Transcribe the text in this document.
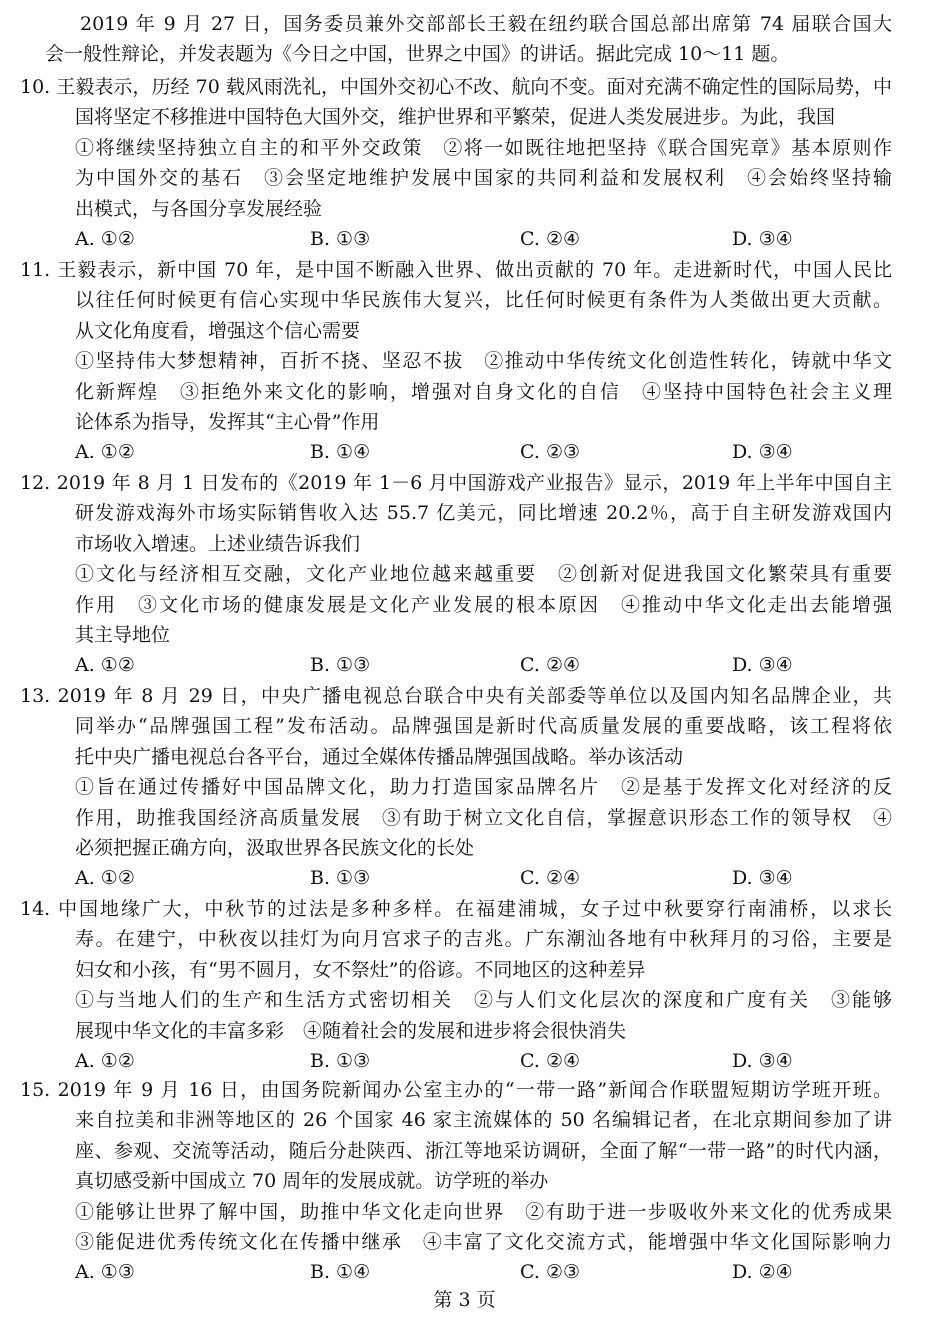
2019 年 9 月 27 日，国务委员兼外交部部长王毅在纽约联合国总部出席第 74 届联合国大
会一般性辩论，并发表题为《今日之中国，世界之中国》的讲话。据此完成 10～11 题。
10. 王毅表示，历经 70 载风雨洗礼，中国外交初心不改、航向不变。面对充满不确定性的国际局势，中
国将坚定不移推进中国特色大国外交，维护世界和平繁荣，促进人类发展进步。为此，我国
①将继续坚持独立自主的和平外交政策　②将一如既往地把坚持《联合国宪章》基本原则作
为中国外交的基石　③会坚定地维护发展中国家的共同利益和发展权利　④会始终坚持输
出模式，与各国分享发展经验
A. ①②	B. ①③	C. ②④	D. ③④
11. 王毅表示，新中国 70 年，是中国不断融入世界、做出贡献的 70 年。走进新时代，中国人民比
以往任何时候更有信心实现中华民族伟大复兴，比任何时候更有条件为人类做出更大贡献。
从文化角度看，增强这个信心需要
①坚持伟大梦想精神，百折不挠、坚忍不拔　②推动中华传统文化创造性转化，铸就中华文
化新辉煌　③拒绝外来文化的影响，增强对自身文化的自信　④坚持中国特色社会主义理
论体系为指导，发挥其“主心骨”作用
A. ①②	B. ①④	C. ②③	D. ③④
12. 2019 年 8 月 1 日发布的《2019 年 1－6 月中国游戏产业报告》显示，2019 年上半年中国自主
研发游戏海外市场实际销售收入达 55.7 亿美元，同比增速 20.2％，高于自主研发游戏国内
市场收入增速。上述业绩告诉我们
①文化与经济相互交融，文化产业地位越来越重要　②创新对促进我国文化繁荣具有重要
作用　③文化市场的健康发展是文化产业发展的根本原因　④推动中华文化走出去能增强
其主导地位
A. ①②	B. ①③	C. ②④	D. ③④
13. 2019 年 8 月 29 日，中央广播电视总台联合中央有关部委等单位以及国内知名品牌企业，共
同举办“品牌强国工程”发布活动。品牌强国是新时代高质量发展的重要战略，该工程将依
托中央广播电视总台各平台，通过全媒体传播品牌强国战略。举办该活动
①旨在通过传播好中国品牌文化，助力打造国家品牌名片　②是基于发挥文化对经济的反
作用，助推我国经济高质量发展　③有助于树立文化自信，掌握意识形态工作的领导权　④
必须把握正确方向，汲取世界各民族文化的长处
A. ①②	B. ①③	C. ②④	D. ③④
14. 中国地缘广大，中秋节的过法是多种多样。在福建浦城，女子过中秋要穿行南浦桥，以求长
寿。在建宁，中秋夜以挂灯为向月宫求子的吉兆。广东潮汕各地有中秋拜月的习俗，主要是
妇女和小孩，有“男不圆月，女不祭灶”的俗谚。不同地区的这种差异
①与当地人们的生产和生活方式密切相关　②与人们文化层次的深度和广度有关　③能够
展现中华文化的丰富多彩　④随着社会的发展和进步将会很快消失
A. ①②	B. ①③	C. ②④	D. ③④
15. 2019 年 9 月 16 日，由国务院新闻办公室主办的“一带一路”新闻合作联盟短期访学班开班。
来自拉美和非洲等地区的 26 个国家 46 家主流媒体的 50 名编辑记者，在北京期间参加了讲
座、参观、交流等活动，随后分赴陕西、浙江等地采访调研，全面了解“一带一路”的时代内涵，
真切感受新中国成立 70 周年的发展成就。访学班的举办
①能够让世界了解中国，助推中华文化走向世界　②有助于进一步吸收外来文化的优秀成果
③能促进优秀传统文化在传播中继承　④丰富了文化交流方式，能增强中华文化国际影响力
A. ①③	B. ①④	C. ②③	D. ②④
第 3 页
